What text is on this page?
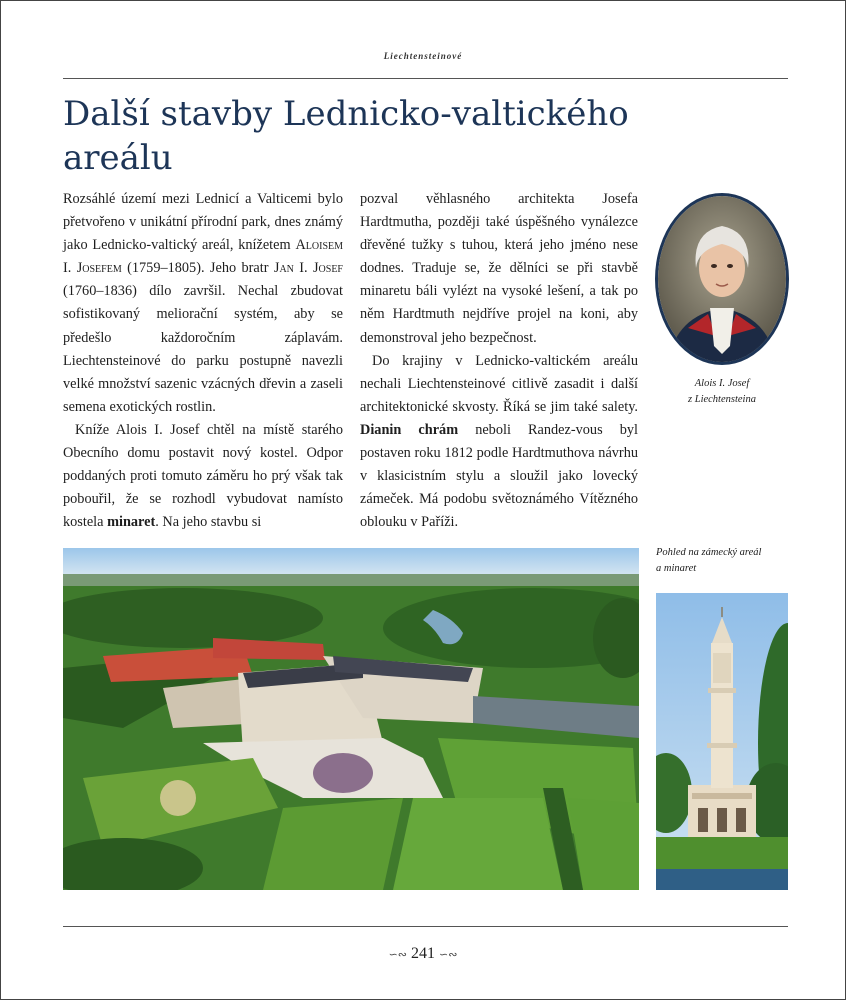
Liechtensteinové
Další stavby Lednicko-valtického areálu

Rozsáhlé území mezi Lednicí a Valticemi bylo přetvořeno v unikátní přírodní park, dnes známý jako Lednicko-valtický areál, knížetem Aloisem I. Josefem (1759–1805). Jeho bratr Jan I. Josef (1760–1836) dílo završil. Nechal zbudovat sofistikovaný meliorační systém, aby se předešlo každoročním záplavám. Liechtensteinové do parku postupně navezli velké množství sazenic vzácných dřevin a zaseli semena exotických rostlin.

Kníže Alois I. Josef chtěl na místě starého Obecního domu postavit nový kostel. Odpor poddaných proti tomuto záměru ho prý však tak pobouřil, že se rozhodl vybudovat namísto kostela minaret. Na jeho stavbu si

pozval věhlasného architekta Josefa Hardtmutha, později také úspěšného vynálezce dřevěné tužky s tuhou, která jeho jméno nese dodnes. Traduje se, že dělníci se při stavbě minaretu báli vylézt na vysoké lešení, a tak po něm Hardtmuth nejdříve projel na koni, aby demonstroval jeho bezpečnost.

Do krajiny v Lednicko-valtickém areálu nechali Liechtensteinové citlivě zasadit i další architektonické skvosty. Říká se jim také salety. Dianin chrám neboli Randez-vous byl postaven roku 1812 podle Hardtmuthova návrhu v klasicistním stylu a sloužil jako lovecký zámeček. Má podobu světoznámého Vítězného oblouku v Paříži.

Alois I. Josef
z Liechtensteina
Pohled na zámecký areál
a minaret
∽∾ 241 ∽∾
